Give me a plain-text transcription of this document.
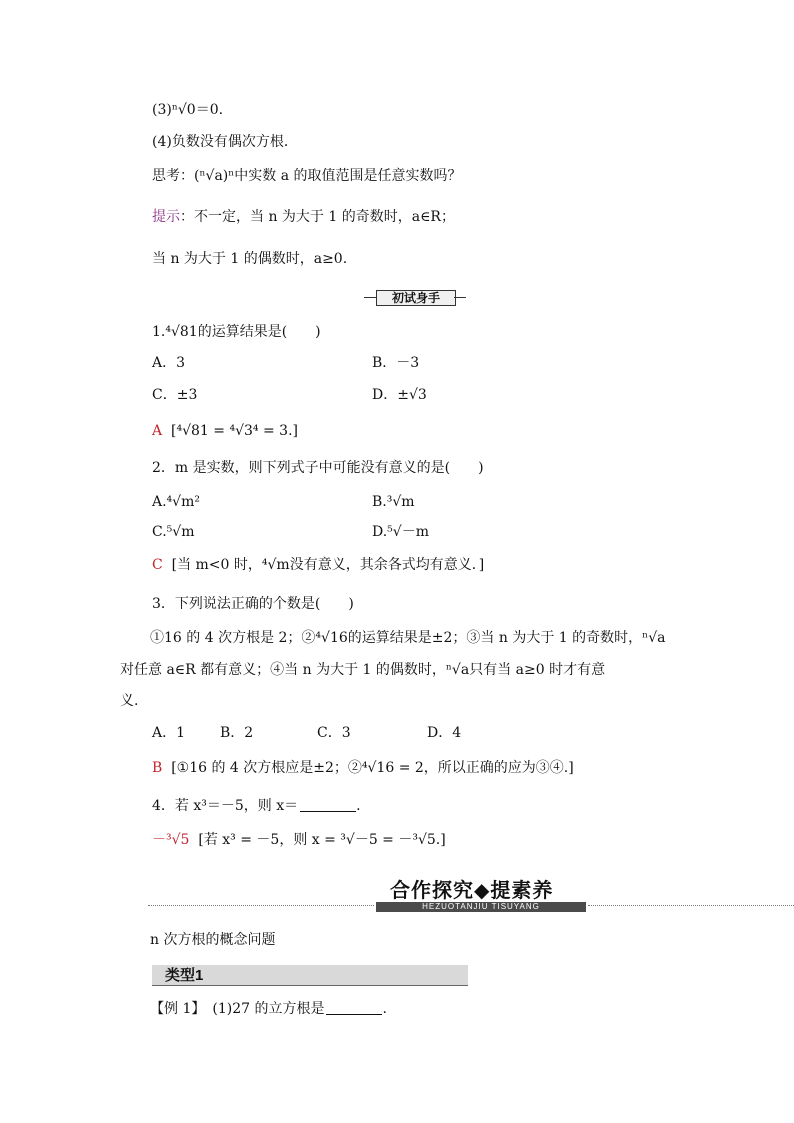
(3)ⁿ√0＝0.
(4)负数没有偶次方根．
思考：(ⁿ√a)ⁿ中实数 a 的取值范围是任意实数吗？
提示：不一定，当 n 为大于 1 的奇数时，a∈R；
当 n 为大于 1 的偶数时，a≥0.
初试身手
1.⁴√81的运算结果是(　　)
A．3	B．－3
C．±3	D．±√3
A [⁴√81 = ⁴√3⁴ = 3.]
2．m 是实数，则下列式子中可能没有意义的是(　　)
A.⁴√m²	B.³√m
C.⁵√m	D.⁵√－m
C [当 m<0 时，⁴√m没有意义，其余各式均有意义．]
3．下列说法正确的个数是(　　)
①16 的 4 次方根是 2；②⁴√16的运算结果是±2；③当 n 为大于 1 的奇数时，ⁿ√a
对任意 a∈R 都有意义；④当 n 为大于 1 的偶数时，ⁿ√a只有当 a≥0 时才有意
义.
A．1 B．2	C．3	D．4
B [①16 的 4 次方根应是±2；②⁴√16 = 2，所以正确的应为③④.]
4．若 x³＝－5，则 x＝	.
－³√5 [若 x³ = －5，则 x = ³√－5 = －³√5.]
合作探究◆提素养
HEZUOTANJIU TISUYANG
n 次方根的概念问题
类型1
【例 1】　(1)27 的立方根是	.
